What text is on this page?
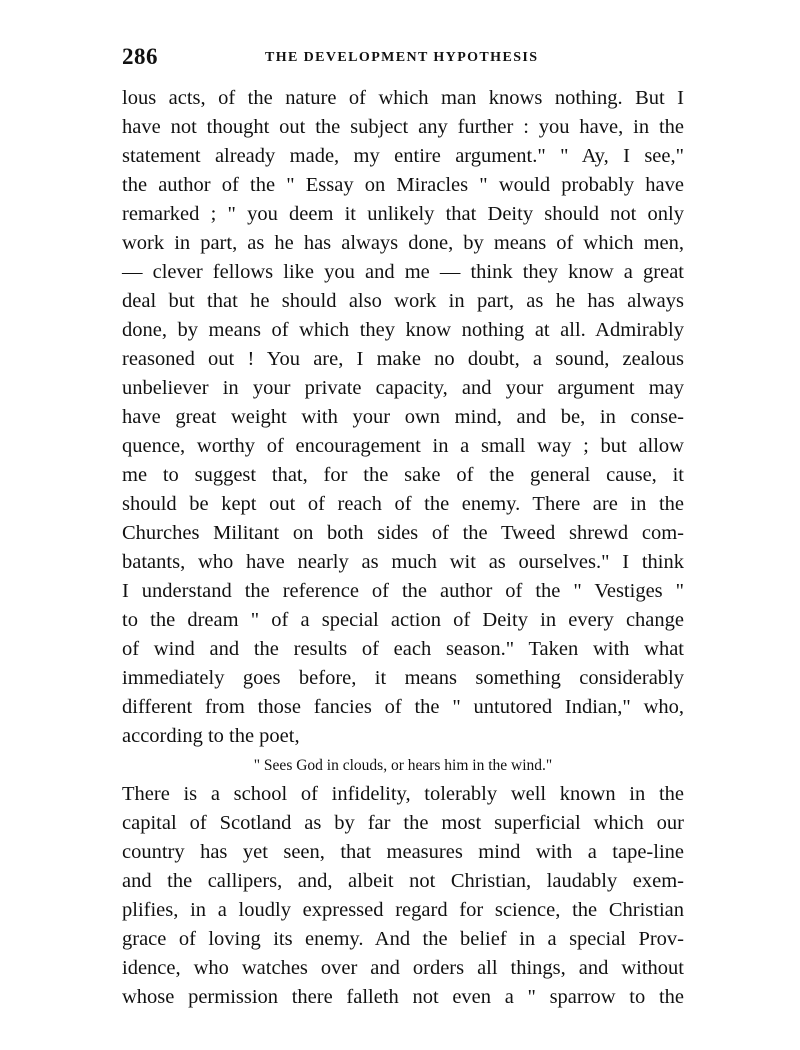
286	THE DEVELOPMENT HYPOTHESIS
lous acts, of the nature of which man knows nothing. But I
have not thought out the subject any further : you have, in the
statement already made, my entire argument." " Ay, I see,"
the author of the " Essay on Miracles " would probably have
remarked ; " you deem it unlikely that Deity should not only
work in part, as he has always done, by means of which men,
— clever fellows like you and me — think they know a great
deal but that he should also work in part, as he has always
done, by means of which they know nothing at all. Admirably
reasoned out ! You are, I make no doubt, a sound, zealous
unbeliever in your private capacity, and your argument may
have great weight with your own mind, and be, in conse-
quence, worthy of encouragement in a small way ; but allow
me to suggest that, for the sake of the general cause, it
should be kept out of reach of the enemy. There are in the
Churches Militant on both sides of the Tweed shrewd com-
batants, who have nearly as much wit as ourselves." I think
I understand the reference of the author of the " Vestiges "
to the dream " of a special action of Deity in every change
of wind and the results of each season." Taken with what
immediately goes before, it means something considerably
different from those fancies of the " untutored Indian," who,
according to the poet,
" Sees God in clouds, or hears him in the wind."
There is a school of infidelity, tolerably well known in the
capital of Scotland as by far the most superficial which our
country has yet seen, that measures mind with a tape-line
and the callipers, and, albeit not Christian, laudably exem-
plifies, in a loudly expressed regard for science, the Christian
grace of loving its enemy. And the belief in a special Prov-
idence, who watches over and orders all things, and without
whose permission there falleth not even a " sparrow to the
